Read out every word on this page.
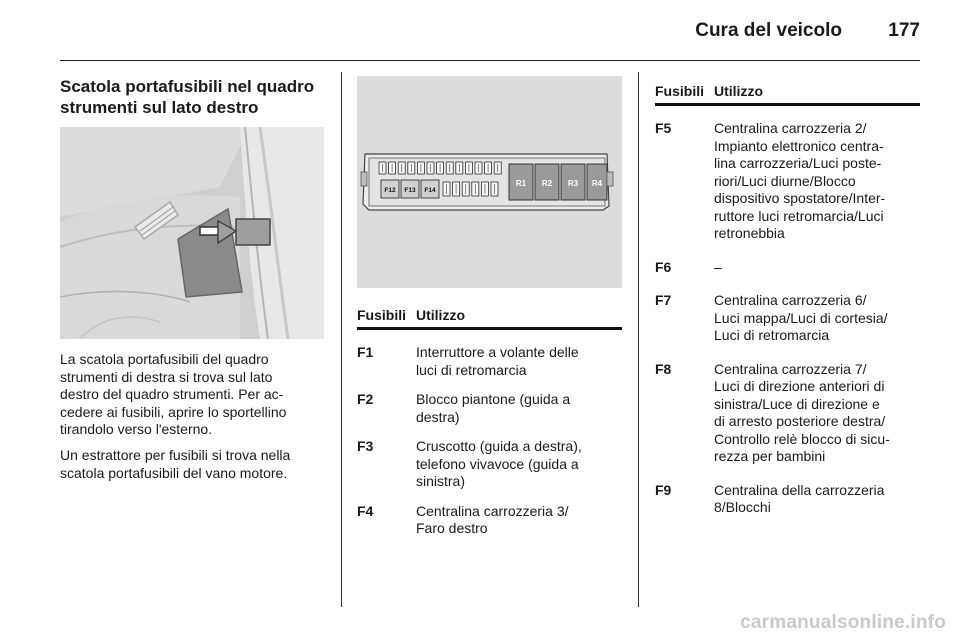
Cura del veicolo 177

Scatola portafusibili nel quadro
strumenti sul lato destro

La scatola portafusibili del quadro
strumenti di destra si trova sul lato
destro del quadro strumenti. Per ac-
cedere ai fusibili, aprire lo sportellino
tirandolo verso l'esterno.

Un estrattore per fusibili si trova nella
scatola portafusibili del vano motore.

F12 F13 F14
R1 R2 R3 R4
Fusibili Utilizzo
F1	Interruttore a volante delle
luci di retromarcia
F2	Blocco piantone (guida a
destra)
F3	Cruscotto (guida a destra),
telefono vivavoce (guida a
sinistra)
F4	Centralina carrozzeria 3/
Faro destro
Fusibili Utilizzo
F5	Centralina carrozzeria 2/
Impianto elettronico centra-
lina carrozzeria/Luci poste-
riori/Luci diurne/Blocco
dispositivo spostatore/Inter-
ruttore luci retromarcia/Luci
retronebbia
F6	–
F7	Centralina carrozzeria 6/
Luci mappa/Luci di cortesia/
Luci di retromarcia
F8	Centralina carrozzeria 7/
Luci di direzione anteriori di
sinistra/Luce di direzione e
di arresto posteriore destra/
Controllo relè blocco di sicu-
rezza per bambini
F9	Centralina della carrozzeria
8/Blocchi
carmanualsonline.info
